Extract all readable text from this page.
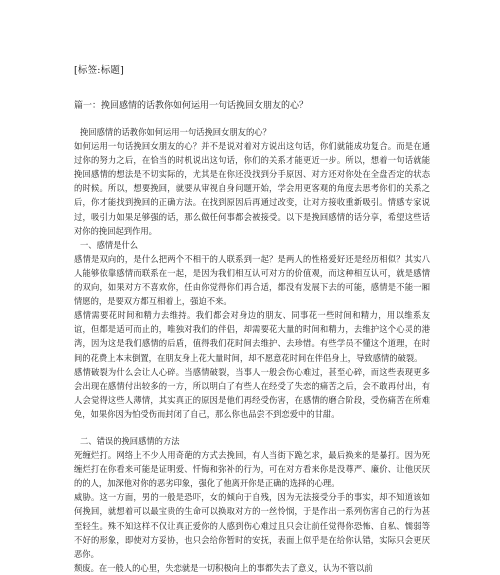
[标签:标题]
篇一：挽回感情的话教你如何运用一句话挽回女朋友的心？

挽回感情的话教你如何运用一句话挽回女朋友的心？

如何运用一句话挽回女朋友的心？并不是说对着对方说出这句话，你们就能成功复合。而是在通过你的努力之后，在恰当的时机说出这句话，你们的关系才能更近一步。所以，想着一句话就能挽回感情的想法是不切实际的，尤其是在你还没找到分手原因、对方还对你处在全盘否定的状态的时候。所以，想要挽回，就要从审视自身问题开始，学会用更客观的角度去思考你们的关系之后，你才能找到挽回的正确方法。在找到原因后再通过改变，让对方接收重新吸引。情感专家说过，吸引力如果足够强的话，那么做任何事都会被接受。以下是挽回感情的话分享，希望这些话对你的挽回起到作用。

一、感情是什么

感情是双向的，是什么把两个不相干的人联系到一起？是两人的性格爱好还是经历相似？其实八人能够依靠感情而联系在一起，是因为我们相互认可对方的价值观，而这种相互认可，就是感情的双向，如果对方不喜欢你，任由你觉得你们再合适，都没有发展下去的可能，感情是不能一厢情愿的，是要双方都互相着上，强迫不来。

感情需要花时间和精力去维持。我们都会对身边的朋友、同事花一些时间和精力，用以维系友谊，但都是适可而止的，唯独对我们的伴侣，却需要花大量的时间和精力，去维护这个心灵的港湾，因为这是我们感情的后盾，值得我们花时间去维护、去珍惜。有些学员不懂这个道理，在时间的花费上本末倒置，在朋友身上花大量时间，却不愿意花时间在伴侣身上，导致感情的破裂。

感情破裂为什么会让人心碎。当感情破裂，当事人一般会伤心难过，甚至心碎，而这些表现更多会出现在感情付出较多的一方，所以明白了有些人在经受了失恋的痛苦之后，会不敢再付出，有人会觉得这些人薄情，其实真正的原因是他们再经受伤害，在感情的磨合阶段，受伤痛苦在所难免，如果你因为怕受伤而封闭了自己，那么你也品尝不到恋爱中的甘甜。

二、错误的挽回感情的方法

死缠烂打。网络上不少人用奇葩的方式去挽回，有人当街下跪乞求，最后换来的是暴打。因为死缠烂打在你看来可能是证明爱、忏悔和弥补的行为，可在对方看来你是没尊严、廉价、让他厌厌的的人，加深他对你的恶劣印象，强化了他离开你是正确的选择的心理。

威胁。这一方面，男的一般是恐吓，女的倾向于自残，因为无法接受分手的事实，却不知道该如何挽回，就想着可以最宝贵的生命可以换取对方的一丝怜悯，于是作出一系列伤害自己的行为甚至轻生。殊不知这样不仅让真正爱你的人感到伤心难过且只会让前任觉得你恐怖、自私、懦弱等不好的形象，即使对方妥协，也只会给你暂时的安抚，表面上似乎是在给你认错，实际只会更厌恶你。

颓废。在一般人的心里，失恋就是一切积极向上的事都失去了意义，认为不管以前
